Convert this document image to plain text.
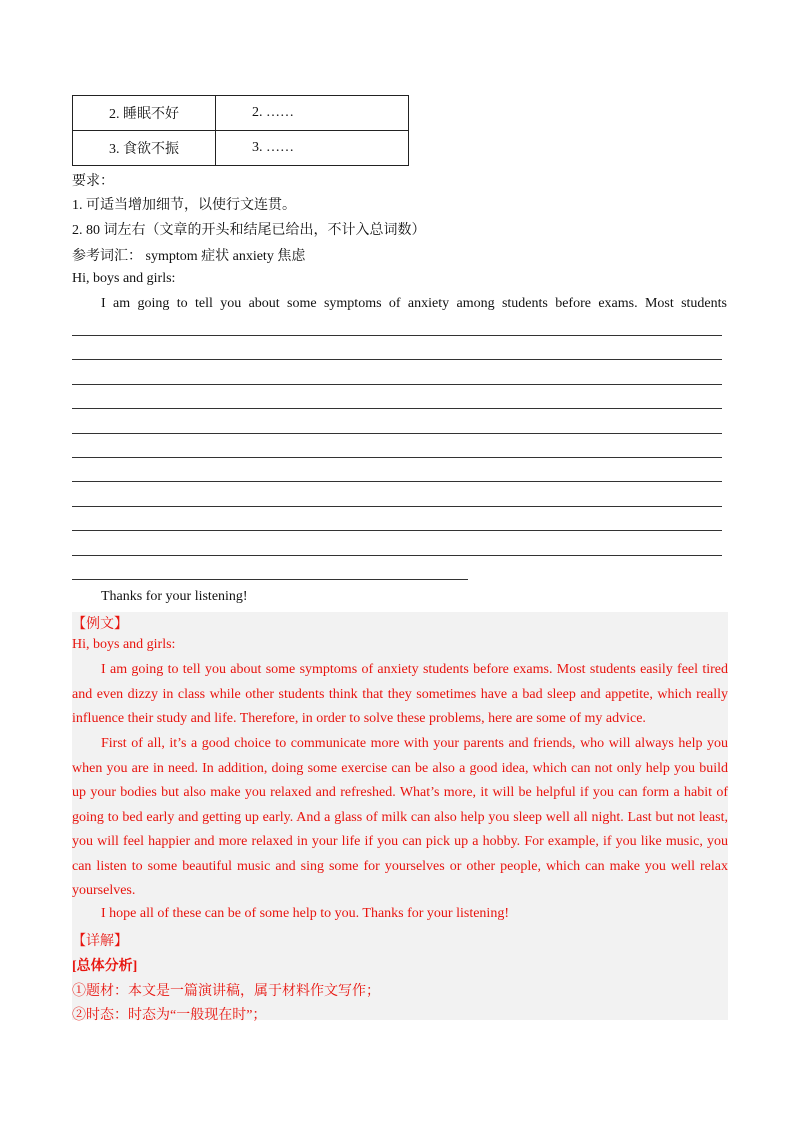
2. 睡眠不好	2. ……
3. 食欲不振	3. ……
要求：
1. 可适当增加细节，以使行文连贯。
2. 80 词左右（文章的开头和结尾已给出，不计入总词数）
参考词汇： symptom 症状 anxiety 焦虑
Hi, boys and girls:
I am going to tell you about some symptoms of anxiety among students before exams. Most students
Thanks for your listening!
【例文】
Hi, boys and girls:

I am going to tell you about some symptoms of anxiety students before exams. Most students easily feel tired and even dizzy in class while other students think that they sometimes have a bad sleep and appetite, which really influence their study and life. Therefore, in order to solve these problems, here are some of my advice.

First of all, it’s a good choice to communicate more with your parents and friends, who will always help you when you are in need. In addition, doing some exercise can be also a good idea, which can not only help you build up your bodies but also make you relaxed and refreshed. What’s more, it will be helpful if you can form a habit of going to bed early and getting up early. And a glass of milk can also help you sleep well all night. Last but not least, you will feel happier and more relaxed in your life if you can pick up a hobby. For example, if you like music, you can listen to some beautiful music and sing some for yourselves or other people, which can make you well relax yourselves.

I hope all of these can be of some help to you. Thanks for your listening!

【详解】
[总体分析]
①题材：本文是一篇演讲稿，属于材料作文写作；
②时态：时态为“一般现在时”；
